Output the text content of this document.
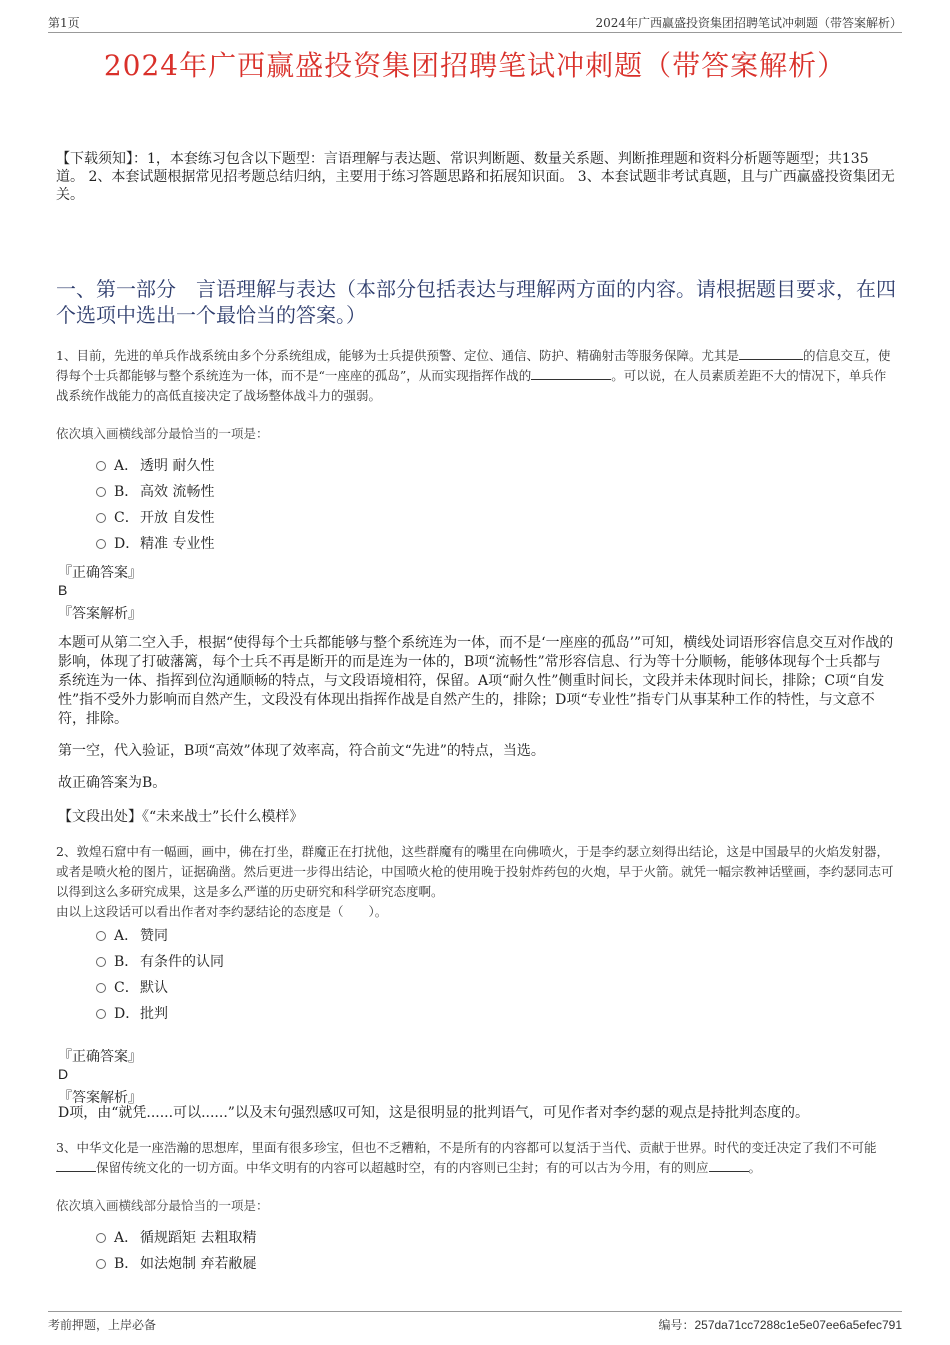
第1页	2024年广西赢盛投资集团招聘笔试冲刺题（带答案解析）
2024年广西赢盛投资集团招聘笔试冲刺题（带答案解析）
【下载须知】：1，本套练习包含以下题型：言语理解与表达题、常识判断题、数量关系题、判断推理题和资料分析题等题型；共135道。 2、本套试题根据常见招考题总结归纳，主要用于练习答题思路和拓展知识面。 3、本套试题非考试真题，且与广西赢盛投资集团无关。
一、第一部分　言语理解与表达（本部分包括表达与理解两方面的内容。请根据题目要求，在四个选项中选出一个最恰当的答案。）
1、目前，先进的单兵作战系统由多个分系统组成，能够为士兵提供预警、定位、通信、防护、精确射击等服务保障。尤其是	的信息交互，使得每个士兵都能够与整个系统连为一体，而不是“一座座的孤岛”，从而实现指挥作战的	。可以说，在人员素质差距不大的情况下，单兵作战系统作战能力的高低直接决定了战场整体战斗力的强弱。
依次填入画横线部分最恰当的一项是：
A． 透明 耐久性
B． 高效 流畅性
C．开放 自发性
D．精准 专业性
『正确答案』
B
『答案解析』
本题可从第二空入手，根据“使得每个士兵都能够与整个系统连为一体，而不是‘一座座的孤岛’”可知，横线处词语形容信息交互对作战的影响，体现了打破藩篱，每个士兵不再是断开的而是连为一体的，B项“流畅性”常形容信息、行为等十分顺畅，能够体现每个士兵都与系统连为一体、指挥到位沟通顺畅的特点，与文段语境相符，保留。A项“耐久性”侧重时间长，文段并未体现时间长，排除；C项“自发性”指不受外力影响而自然产生，文段没有体现出指挥作战是自然产生的，排除；D项“专业性”指专门从事某种工作的特性，与文意不符，排除。
第一空，代入验证，B项“高效”体现了效率高，符合前文“先进”的特点，当选。
故正确答案为B。
【文段出处】《“未来战士”长什么模样》
2、敦煌石窟中有一幅画，画中，佛在打坐，群魔正在打扰他，这些群魔有的嘴里在向佛喷火，于是李约瑟立刻得出结论，这是中国最早的火焰发射器，或者是喷火枪的图片，证据确凿。然后更进一步得出结论，中国喷火枪的使用晚于投射炸药包的火炮，早于火箭。就凭一幅宗教神话壁画，李约瑟同志可以得到这么多研究成果，这是多么严谨的历史研究和科学研究态度啊。
由以上这段话可以看出作者对李约瑟结论的态度是（　　）。
A． 赞同
B． 有条件的认同
C．默认
D．批判
『正确答案』
D
『答案解析』
D项，由“就凭......可以......”以及末句强烈感叹可知，这是很明显的批判语气，可见作者对李约瑟的观点是持批判态度的。
3、中华文化是一座浩瀚的思想库，里面有很多珍宝，但也不乏糟粕，不是所有的内容都可以复活于当代、贡献于世界。时代的变迁决定了我们不可能保留传统文化的一切方面。中华文明有的内容可以超越时空，有的内容则已尘封；有的可以古为今用，有的则应	。
依次填入画横线部分最恰当的一项是：
A． 循规蹈矩 去粗取精
B． 如法炮制 弃若敝屣
考前押题，上岸必备	编号：257da71cc7288c1e5e07ee6a5efec791
